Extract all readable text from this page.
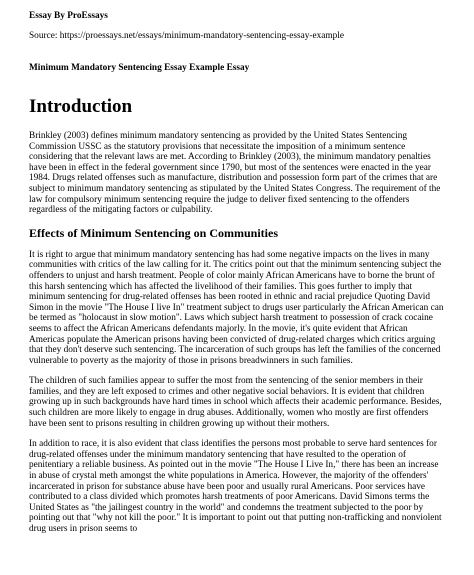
Essay By ProEssays

Source: https://proessays.net/essays/minimum-mandatory-sentencing-essay-example

Minimum Mandatory Sentencing Essay Example Essay

Introduction

Brinkley (2003) defines minimum mandatory sentencing as provided by the United States Sentencing Commission USSC as the statutory provisions that necessitate the imposition of a minimum sentence considering that the relevant laws are met. According to Brinkley (2003), the minimum mandatory penalties have been in effect in the federal government since 1790, but most of the sentences were enacted in the year 1984. Drugs related offenses such as manufacture, distribution and possession form part of the crimes that are subject to minimum mandatory sentencing as stipulated by the United States Congress. The requirement of the law for compulsory minimum sentencing require the judge to deliver fixed sentencing to the offenders regardless of the mitigating factors or culpability.

Effects of Minimum Sentencing on Communities

It is right to argue that minimum mandatory sentencing has had some negative impacts on the lives in many communities with critics of the law calling for it. The critics point out that the minimum sentencing subject the offenders to unjust and harsh treatment. People of color mainly African Americans have to borne the brunt of this harsh sentencing which has affected the livelihood of their families. This goes further to imply that minimum sentencing for drug-related offenses has been rooted in ethnic and racial prejudice Quoting David Simon in the movie "The House I live In" treatment subject to drugs user particularly the African American can be termed as "holocaust in slow motion". Laws which subject harsh treatment to possession of crack cocaine seems to affect the African Americans defendants majorly. In the movie, it's quite evident that African Americas populate the American prisons having been convicted of drug-related charges which critics arguing that they don't deserve such sentencing. The incarceration of such groups has left the families of the concerned vulnerable to poverty as the majority of those in prisons breadwinners in such families.

The children of such families appear to suffer the most from the sentencing of the senior members in their families, and they are left exposed to crimes and other negative social behaviors. It is evident that children growing up in such backgrounds have hard times in school which affects their academic performance. Besides, such children are more likely to engage in drug abuses. Additionally, women who mostly are first offenders have been sent to prisons resulting in children growing up without their mothers.

In addition to race, it is also evident that class identifies the persons most probable to serve hard sentences for drug-related offenses under the minimum mandatory sentencing that have resulted to the operation of penitentiary a reliable business. As pointed out in the movie "The House I Live In," there has been an increase in abuse of crystal meth amongst the white populations in America. However, the majority of the offenders' incarcerated in prison for substance abuse have been poor and usually rural Americans. Poor services have contributed to a class divided which promotes harsh treatments of poor Americans. David Simons terms the United States as "the jailingest country in the world" and condemns the treatment subjected to the poor by pointing out that "why not kill the poor." It is important to point out that putting non-trafficking and nonviolent drug users in prison seems to
